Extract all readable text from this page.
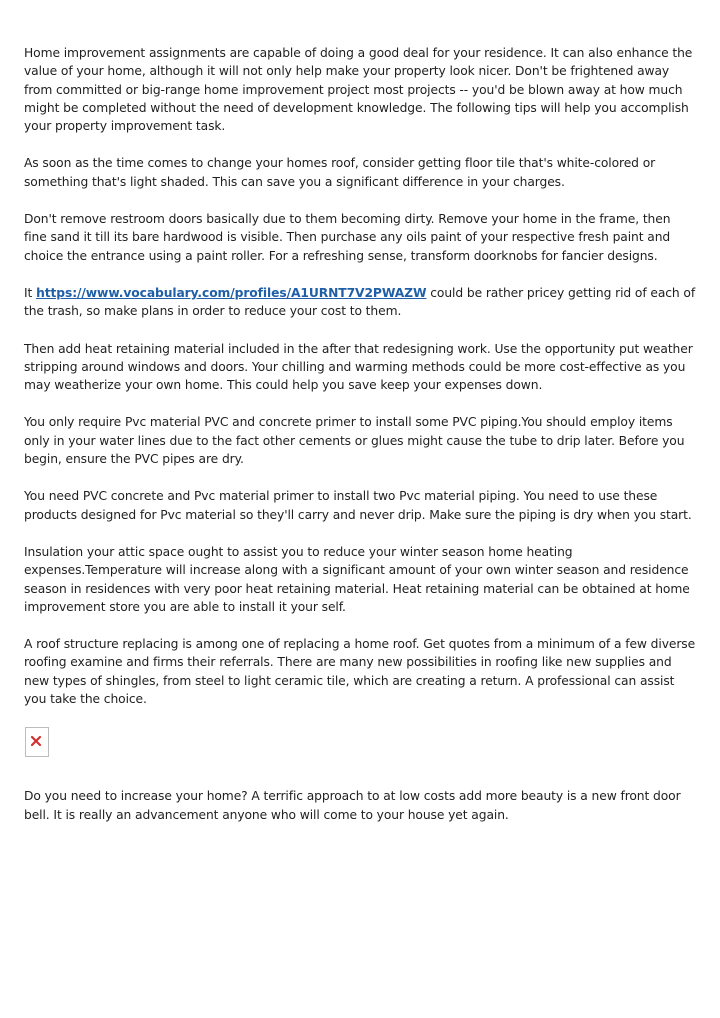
Home improvement assignments are capable of doing a good deal for your residence. It can also enhance the value of your home, although it will not only help make your property look nicer. Don't be frightened away from committed or big-range home improvement project most projects -- you'd be blown away at how much might be completed without the need of development knowledge. The following tips will help you accomplish your property improvement task.

As soon as the time comes to change your homes roof, consider getting floor tile that's white-colored or something that's light shaded. This can save you a significant difference in your charges.

Don't remove restroom doors basically due to them becoming dirty. Remove your home in the frame, then fine sand it till its bare hardwood is visible. Then purchase any oils paint of your respective fresh paint and choice the entrance using a paint roller. For a refreshing sense, transform doorknobs for fancier designs.

It https://www.vocabulary.com/profiles/A1URNT7V2PWAZW could be rather pricey getting rid of each of the trash, so make plans in order to reduce your cost to them.

Then add heat retaining material included in the after that redesigning work. Use the opportunity put weather stripping around windows and doors. Your chilling and warming methods could be more cost-effective as you may weatherize your own home. This could help you save keep your expenses down.

You only require Pvc material PVC and concrete primer to install some PVC piping.You should employ items only in your water lines due to the fact other cements or glues might cause the tube to drip later. Before you begin, ensure the PVC pipes are dry.

You need PVC concrete and Pvc material primer to install two Pvc material piping. You need to use these products designed for Pvc material so they'll carry and never drip. Make sure the piping is dry when you start.

Insulation your attic space ought to assist you to reduce your winter season home heating expenses.Temperature will increase along with a significant amount of your own winter season and residence season in residences with very poor heat retaining material. Heat retaining material can be obtained at home improvement store you are able to install it your self.

A roof structure replacing is among one of replacing a home roof. Get quotes from a minimum of a few diverse roofing examine and firms their referrals. There are many new possibilities in roofing like new supplies and new types of shingles, from steel to light ceramic tile, which are creating a return. A professional can assist you take the choice.

Do you need to increase your home? A terrific approach to at low costs add more beauty is a new front door bell. It is really an advancement anyone who will come to your house yet again.
